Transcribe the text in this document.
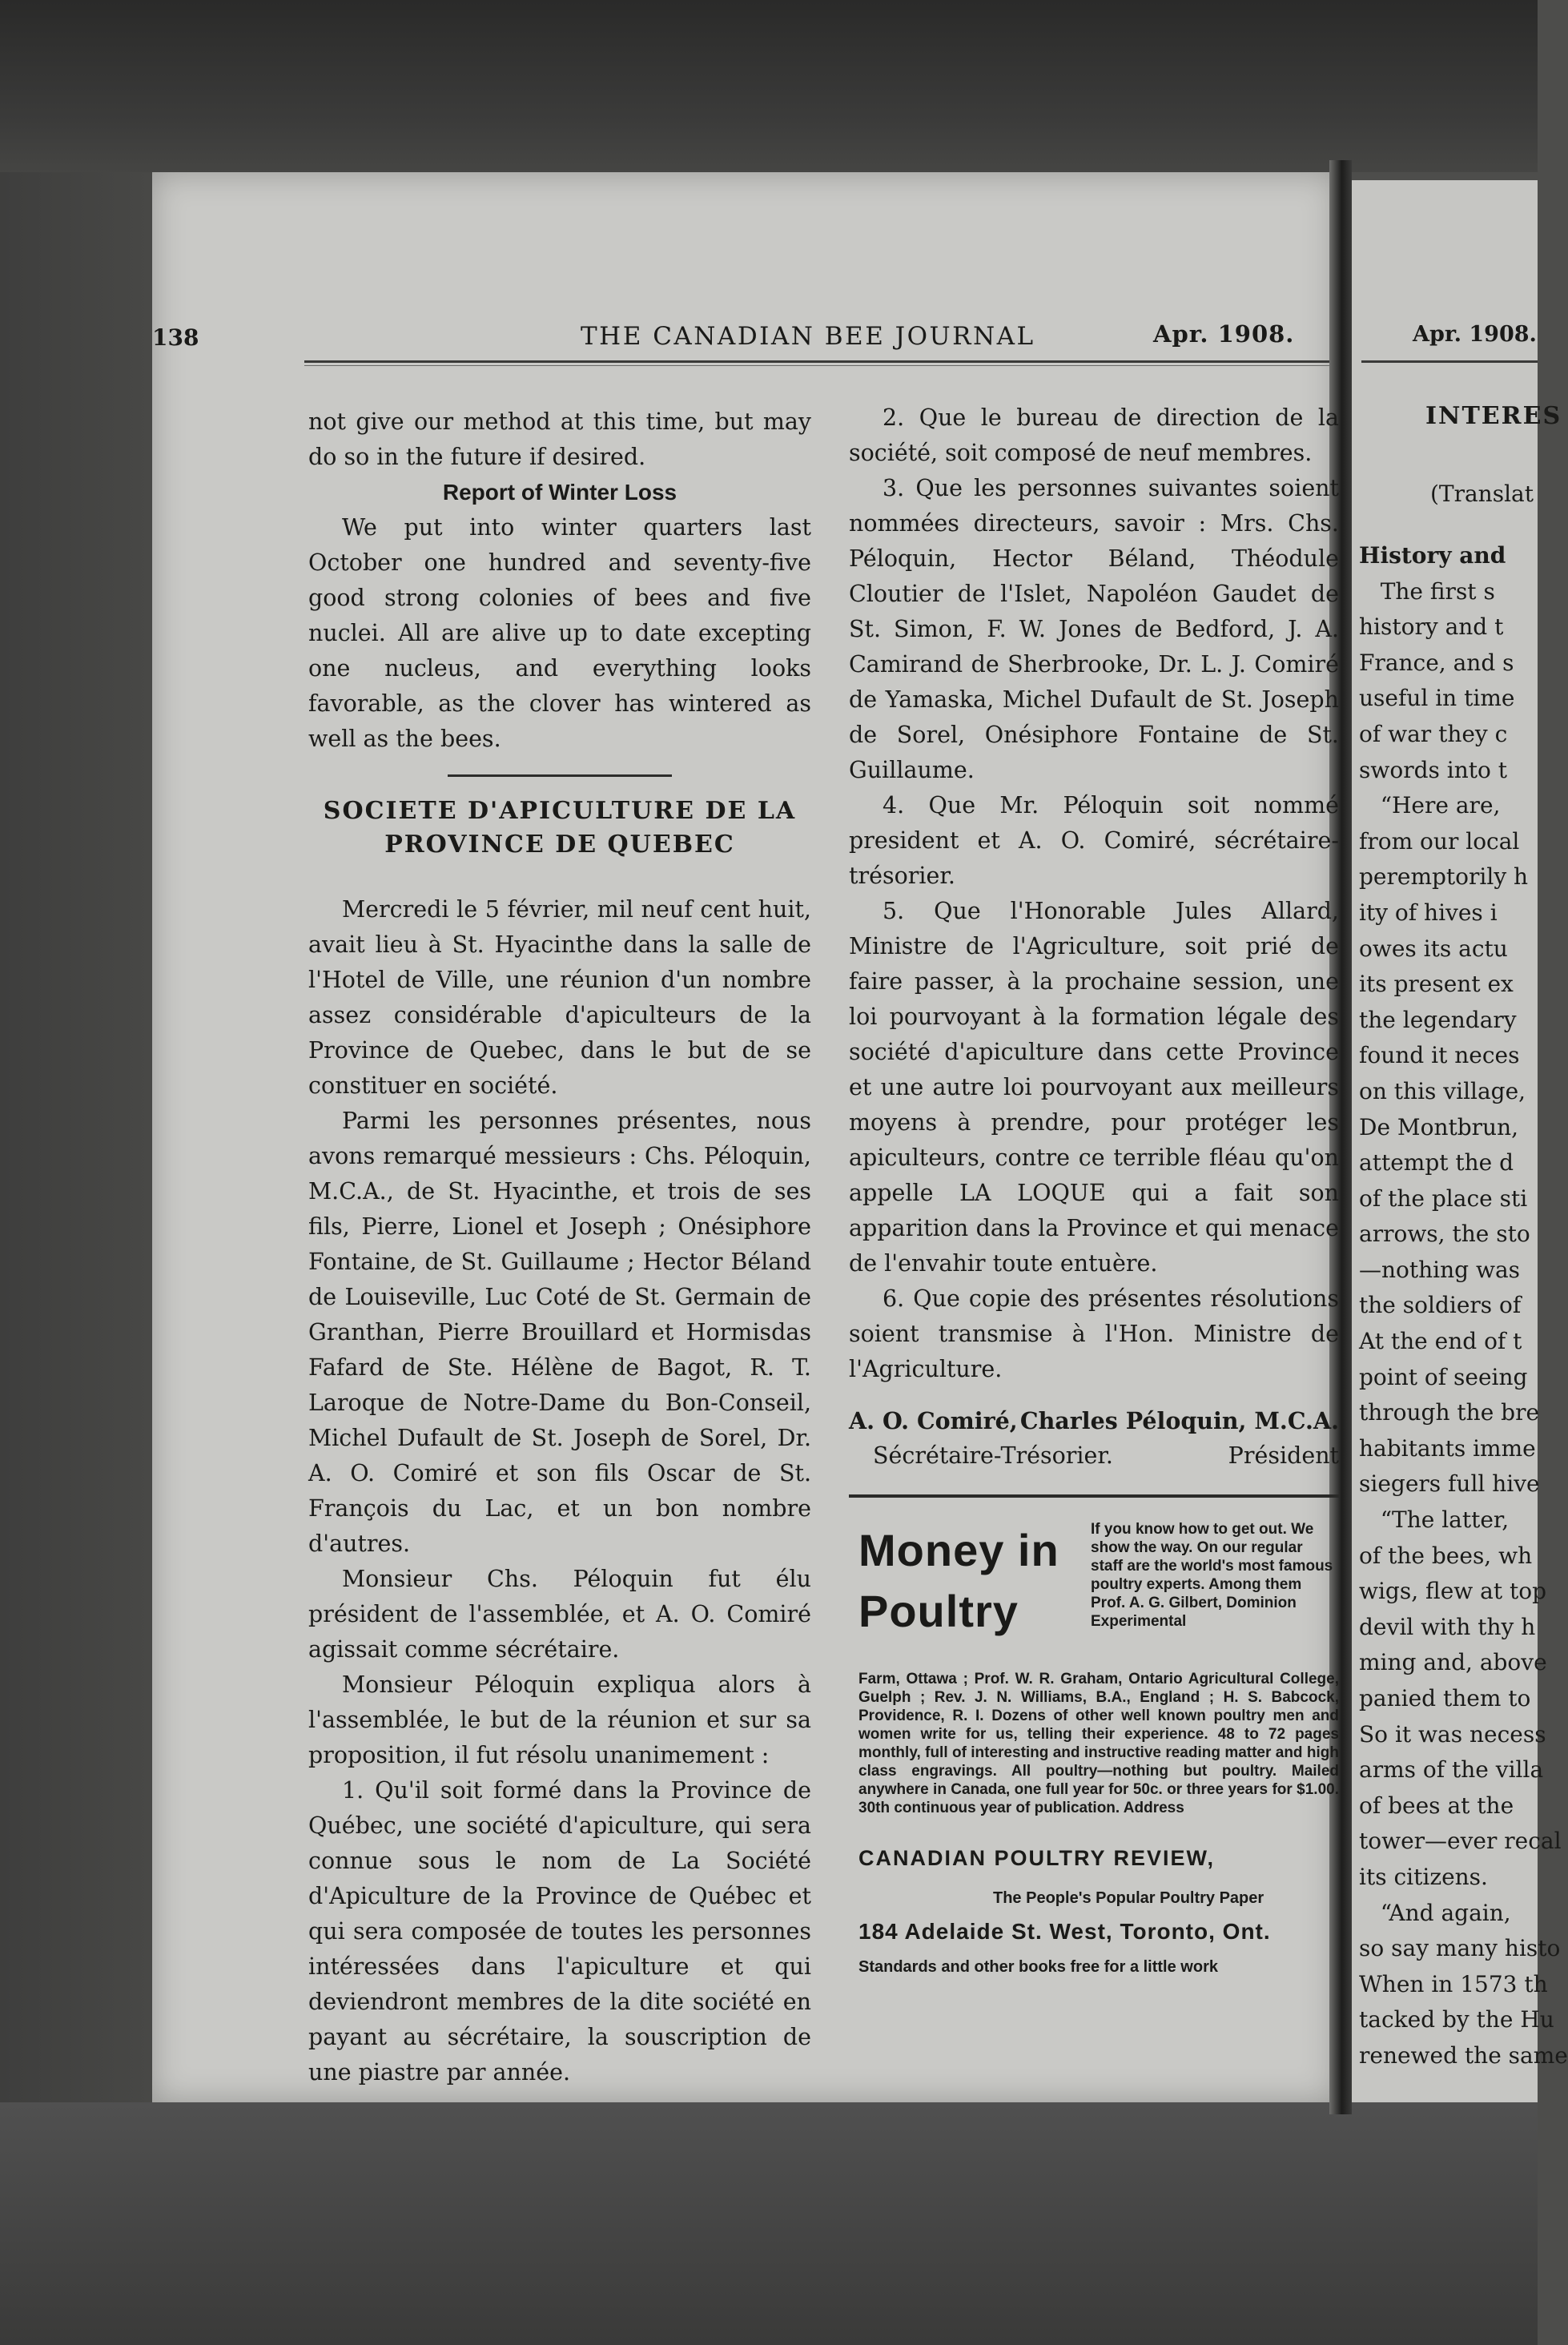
138	THE CANADIAN BEE JOURNAL	Apr. 1908.

not give our method at this time, but may do so in the future if desired.

Report of Winter Loss

We put into winter quarters last October one hundred and seventy-five good strong colonies of bees and five nuclei. All are alive up to date excepting one nucleus, and everything looks favorable, as the clover has wintered as well as the bees.

SOCIETE D'APICULTURE DE LA
PROVINCE DE QUEBEC

Mercredi le 5 février, mil neuf cent huit, avait lieu à St. Hyacinthe dans la salle de l'Hotel de Ville, une réunion d'un nombre assez considérable d'apiculteurs de la Province de Quebec, dans le but de se constituer en société.

Parmi les personnes présentes, nous avons remarqué messieurs : Chs. Péloquin, M.C.A., de St. Hyacinthe, et trois de ses fils, Pierre, Lionel et Joseph ; Onésiphore Fontaine, de St. Guillaume ; Hector Béland de Louiseville, Luc Coté de St. Germain de Granthan, Pierre Brouillard et Hormisdas Fafard de Ste. Hélène de Bagot, R. T. Laroque de Notre-Dame du Bon-Conseil, Michel Dufault de St. Joseph de Sorel, Dr. A. O. Comiré et son fils Oscar de St. François du Lac, et un bon nombre d'autres.

Monsieur Chs. Péloquin fut élu président de l'assemblée, et A. O. Comiré agissait comme sécrétaire.

Monsieur Péloquin expliqua alors à l'assemblée, le but de la réunion et sur sa proposition, il fut résolu unanimement :

1. Qu'il soit formé dans la Province de Québec, une société d'apiculture, qui sera connue sous le nom de La Société d'Apiculture de la Province de Québec et qui sera composée de toutes les personnes intéressées dans l'apiculture et qui deviendront membres de la dite société en payant au sécrétaire, la souscription de une piastre par année.

2. Que le bureau de direction de la société, soit composé de neuf membres.

3. Que les personnes suivantes soient nommées directeurs, savoir : Mrs. Chs. Péloquin, Hector Béland, Théodule Cloutier de l'Islet, Napoléon Gaudet de St. Simon, F. W. Jones de Bedford, J. A. Camirand de Sherbrooke, Dr. L. J. Comiré de Yamaska, Michel Dufault de St. Joseph de Sorel, Onésiphore Fontaine de St. Guillaume.

4. Que Mr. Péloquin soit nommé president et A. O. Comiré, sécrétaire-trésorier.

5. Que l'Honorable Jules Allard, Ministre de l'Agriculture, soit prié de faire passer, à la prochaine session, une loi pourvoyant à la formation légale des société d'apiculture dans cette Province et une autre loi pourvoyant aux meilleurs moyens à prendre, pour protéger les apiculteurs, contre ce terrible fléau qu'on appelle LA LOQUE qui a fait son apparition dans la Province et qui menace de l'envahir toute entuère.

6. Que copie des présentes résolutions soient transmise à l'Hon. Ministre de l'Agriculture.

A. O. Comiré, Charles Péloquin, M.C.A.
Sécrétaire-Trésorier.	Président
Money in
Poultry
If you know how to get out. We show the way. On our regular staff are the world's most famous poultry experts. Among them Prof. A. G. Gilbert, Dominion Experimental
Farm, Ottawa ; Prof. W. R. Graham, Ontario Agricultural College, Guelph ; Rev. J. N. Williams, B.A., England ; H. S. Babcock, Providence, R. I. Dozens of other well known poultry men and women write for us, telling their experience. 48 to 72 pages monthly, full of interesting and instructive reading matter and high class engravings. All poultry—nothing but poultry. Mailed anywhere in Canada, one full year for 50c. or three years for $1.00. 30th continuous year of publication. Address
CANADIAN POULTRY REVIEW,
The People's Popular Poultry Paper
184 Adelaide St. West, Toronto, Ont.
Standards and other books free for a little work
Apr. 1908.
INTERES
(Translat
History and
The first s
history and t
France, and s
useful in time
of war they c
swords into t
“Here are,
from our local
peremptorily h
ity of hives i
owes its actu
its present ex
the legendary
found it neces
on this village,
De Montbrun,
attempt the d
of the place sti
arrows, the sto
—nothing was
the soldiers of
At the end of t
point of seeing
through the bre
habitants imme
siegers full hive
“The latter,
of the bees, wh
wigs, flew at top
devil with thy h
ming and, above
panied them to
So it was necess
arms of the villa
of bees at the
tower—ever recal
its citizens.
“And again,
so say many histo
When in 1573 th
tacked by the Hu
renewed the same
